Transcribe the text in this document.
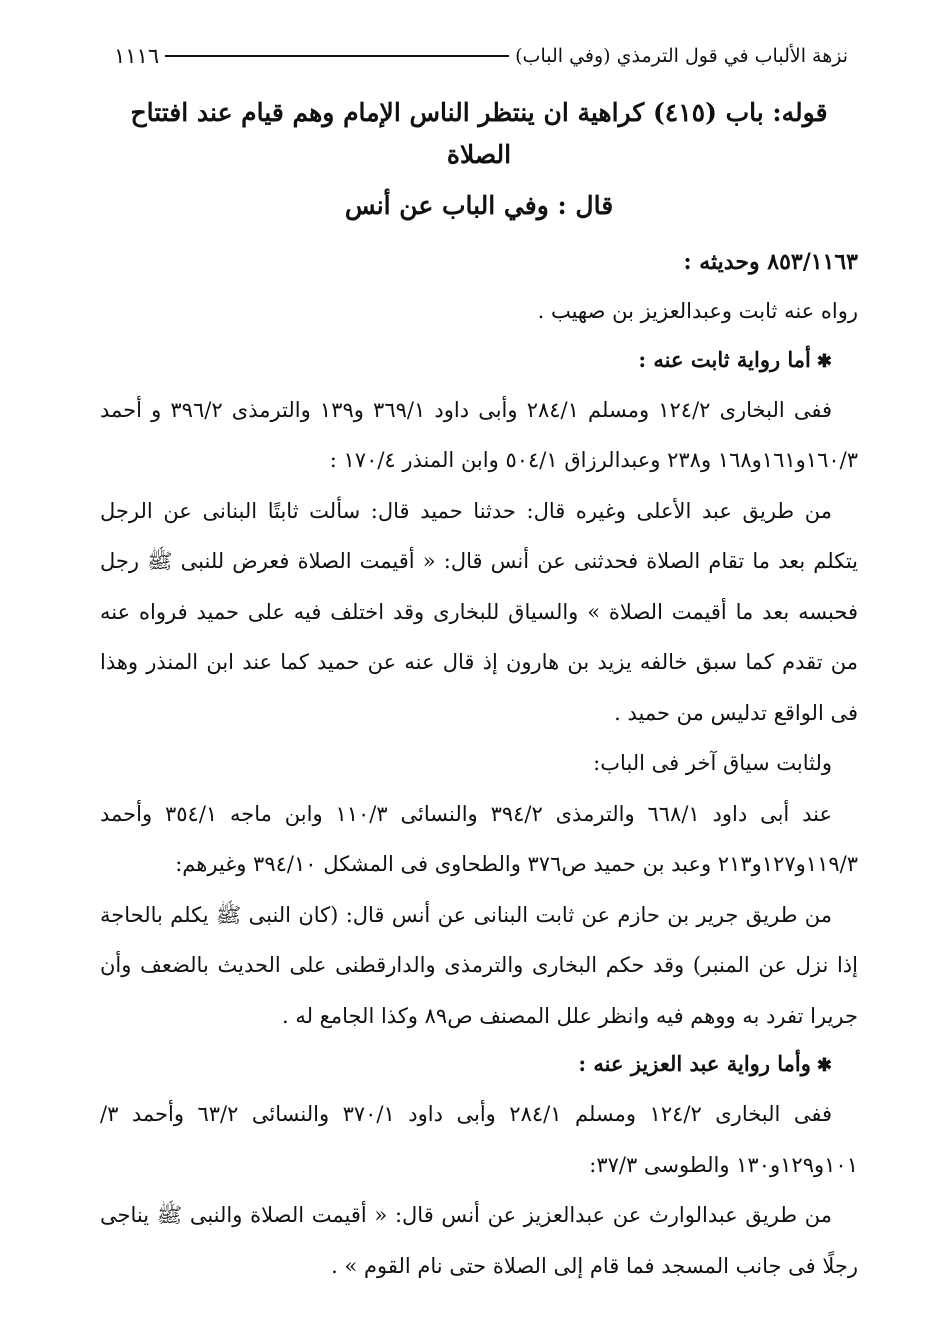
نزهة الألباب في قول الترمذي (وفي الباب)
١١١٦
قوله: باب (٤١٥) كراهية ان ينتظر الناس الإمام وهم قيام عند افتتاح الصلاة
قال : وفي الباب عن أنس
٨٥٣/١١٦٣ وحديثه :

رواه عنه ثابت وعبدالعزيز بن صهيب .

✱أما رواية ثابت عنه :

ففى البخارى ١٢٤/٢ ومسلم ٢٨٤/١ وأبى داود ٣٦٩/١ و١٣٩ والترمذى ٣٩٦/٢ و أحمد ١٦٠/٣و١٦١و١٦٨ و٢٣٨ وعبدالرزاق ٥٠٤/١ وابن المنذر ١٧٠/٤ :

من طريق عبد الأعلى وغيره قال: حدثنا حميد قال: سألت ثابتًا البنانى عن الرجل يتكلم بعد ما تقام الصلاة فحدثنى عن أنس قال: « أقيمت الصلاة فعرض للنبى ﷺ رجل فحبسه بعد ما أقيمت الصلاة » والسياق للبخارى وقد اختلف فيه على حميد فرواه عنه من تقدم كما سبق خالفه يزيد بن هارون إذ قال عنه عن حميد كما عند ابن المنذر وهذا فى الواقع تدليس من حميد .

ولثابت سياق آخر فى الباب:

عند أبى داود ٦٦٨/١ والترمذى ٣٩٤/٢ والنسائى ١١٠/٣ وابن ماجه ٣٥٤/١ وأحمد ١١٩/٣و١٢٧و٢١٣ وعبد بن حميد ص٣٧٦ والطحاوى فى المشكل ٣٩٤/١٠ وغيرهم:

من طريق جرير بن حازم عن ثابت البنانى عن أنس قال: (كان النبى ﷺ يكلم بالحاجة إذا نزل عن المنبر) وقد حكم البخارى والترمذى والدارقطنى على الحديث بالضعف وأن جريرا تفرد به ووهم فيه وانظر علل المصنف ص٨٩ وكذا الجامع له .

✱وأما رواية عبد العزيز عنه :

ففى البخارى ١٢٤/٢ ومسلم ٢٨٤/١ وأبى داود ٣٧٠/١ والنسائى ٦٣/٢ وأحمد ٣/ ١٠١و١٢٩و١٣٠ والطوسى ٣٧/٣:

من طريق عبدالوارث عن عبدالعزيز عن أنس قال: « أقيمت الصلاة والنبى ﷺ يناجى رجلًا فى جانب المسجد فما قام إلى الصلاة حتى نام القوم » .
